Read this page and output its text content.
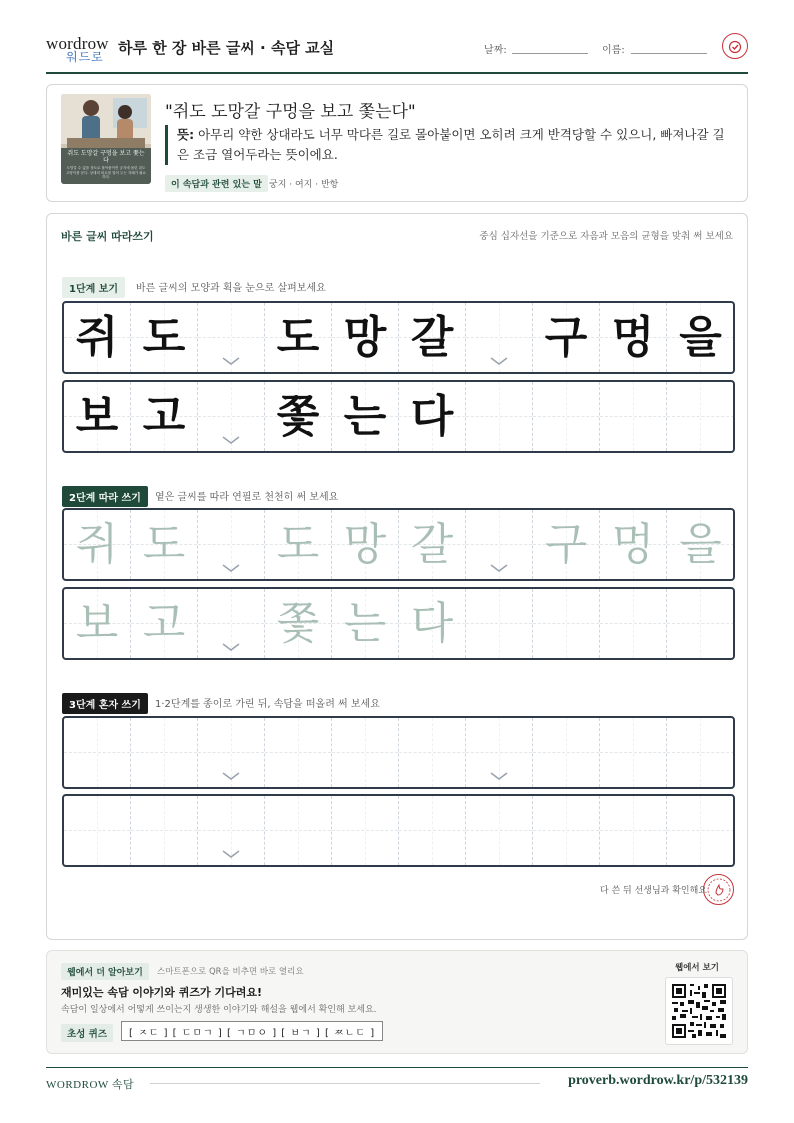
wordrow
워드로 하루 한 장 바른 글씨 · 속담 교실	날짜:	이름:
쥐도 도망갈 구멍을 보고 쫓는다
도망갈 수 없을 정도로 몰아붙이면 궁지에 몰린 쥐도 고양이를 문다. 상대의 퇴로를 열어 두는 지혜가 필요하다.
"쥐도 도망갈 구멍을 보고 쫓는다"
뜻: 아무리 약한 상대라도 너무 막다른 길로 몰아붙이면 오히려 크게 반격당할 수 있으니, 빠져나갈 길은 조금 열어두라는 뜻이에요.
이 속담과 관련 있는 말 궁지 · 여지 · 반항
바른 글씨 따라쓰기	중심 십자선을 기준으로 자음과 모음의 균형을 맞춰 써 보세요
1단계 보기	바른 글씨의 모양과 획을 눈으로 살펴보세요
쥐 도 도 망 갈 구 멍 을
보 고 쫓 는 다
2단계 따라 쓰기	옅은 글씨를 따라 연필로 천천히 써 보세요
쥐 도 도 망 갈 구 멍 을
보 고 쫓 는 다
3단계 혼자 쓰기	1·2단계를 종이로 가린 뒤, 속담을 떠올려 써 보세요
다 쓴 뒤 선생님과 확인해요
웹에서 더 알아보기	스마트폰으로 QR을 비추면 바로 열리요
재미있는 속담 이야기와 퀴즈가 기다려요!
속담이 일상에서 어떻게 쓰이는지 생생한 이야기와 해설을 웹에서 확인해 보세요.
초성 퀴즈	[ ㅈㄷ ] [ ㄷㅁㄱ ] [ ㄱㅁㅇ ] [ ㅂㄱ ] [ ㅉㄴㄷ ]
웹에서 보기
WORDROW 속담	proverb.wordrow.kr/p/532139
